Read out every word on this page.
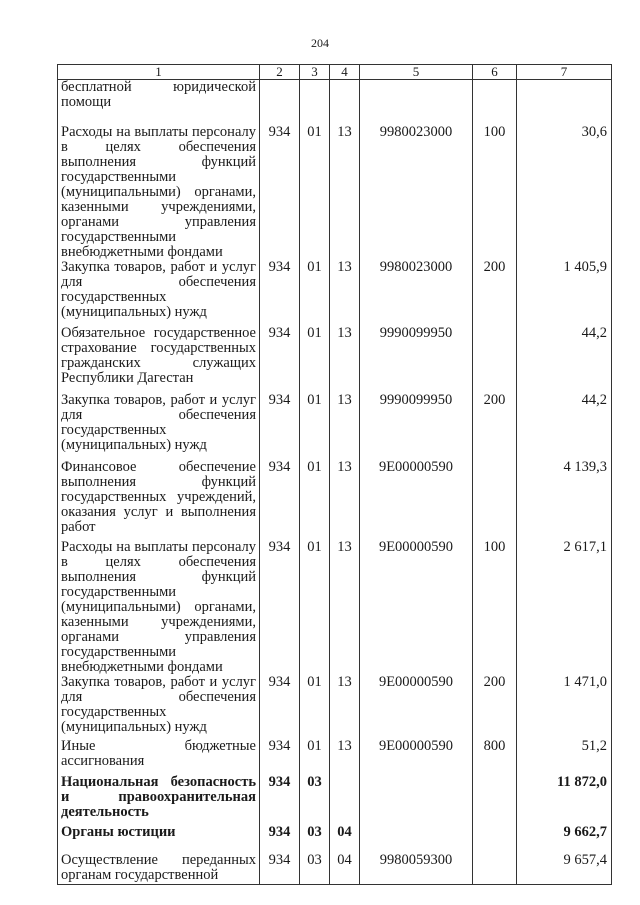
204
1	2	3	4	5	6	7
бесплатной юридической помощи						
Расходы на выплаты персоналу в целях обеспечения выполнения функций государственными (муниципальными) органами, казенными учреждениями, органами управления государственными внебюджетными фондами	934	01	13	9980023000	100	30,6
Закупка товаров, работ и услуг для обеспечения государственных (муниципальных) нужд	934	01	13	9980023000	200	1 405,9
Обязательное государственное страхование государственных гражданских служащих Республики Дагестан	934	01	13	9990099950		44,2
Закупка товаров, работ и услуг для обеспечения государственных (муниципальных) нужд	934	01	13	9990099950	200	44,2
Финансовое обеспечение выполнения функций государственных учреждений, оказания услуг и выполнения работ	934	01	13	9Е00000590		4 139,3
Расходы на выплаты персоналу в целях обеспечения выполнения функций государственными (муниципальными) органами, казенными учреждениями, органами управления государственными внебюджетными фондами	934	01	13	9Е00000590	100	2 617,1
Закупка товаров, работ и услуг для обеспечения государственных (муниципальных) нужд	934	01	13	9Е00000590	200	1 471,0
Иные бюджетные ассигнования	934	01	13	9Е00000590	800	51,2
Национальная безопасность и правоохранительная деятельность	934	03				11 872,0
Органы юстиции	934	03	04			9 662,7
Осуществление переданных органам государственной	934	03	04	9980059300		9 657,4
